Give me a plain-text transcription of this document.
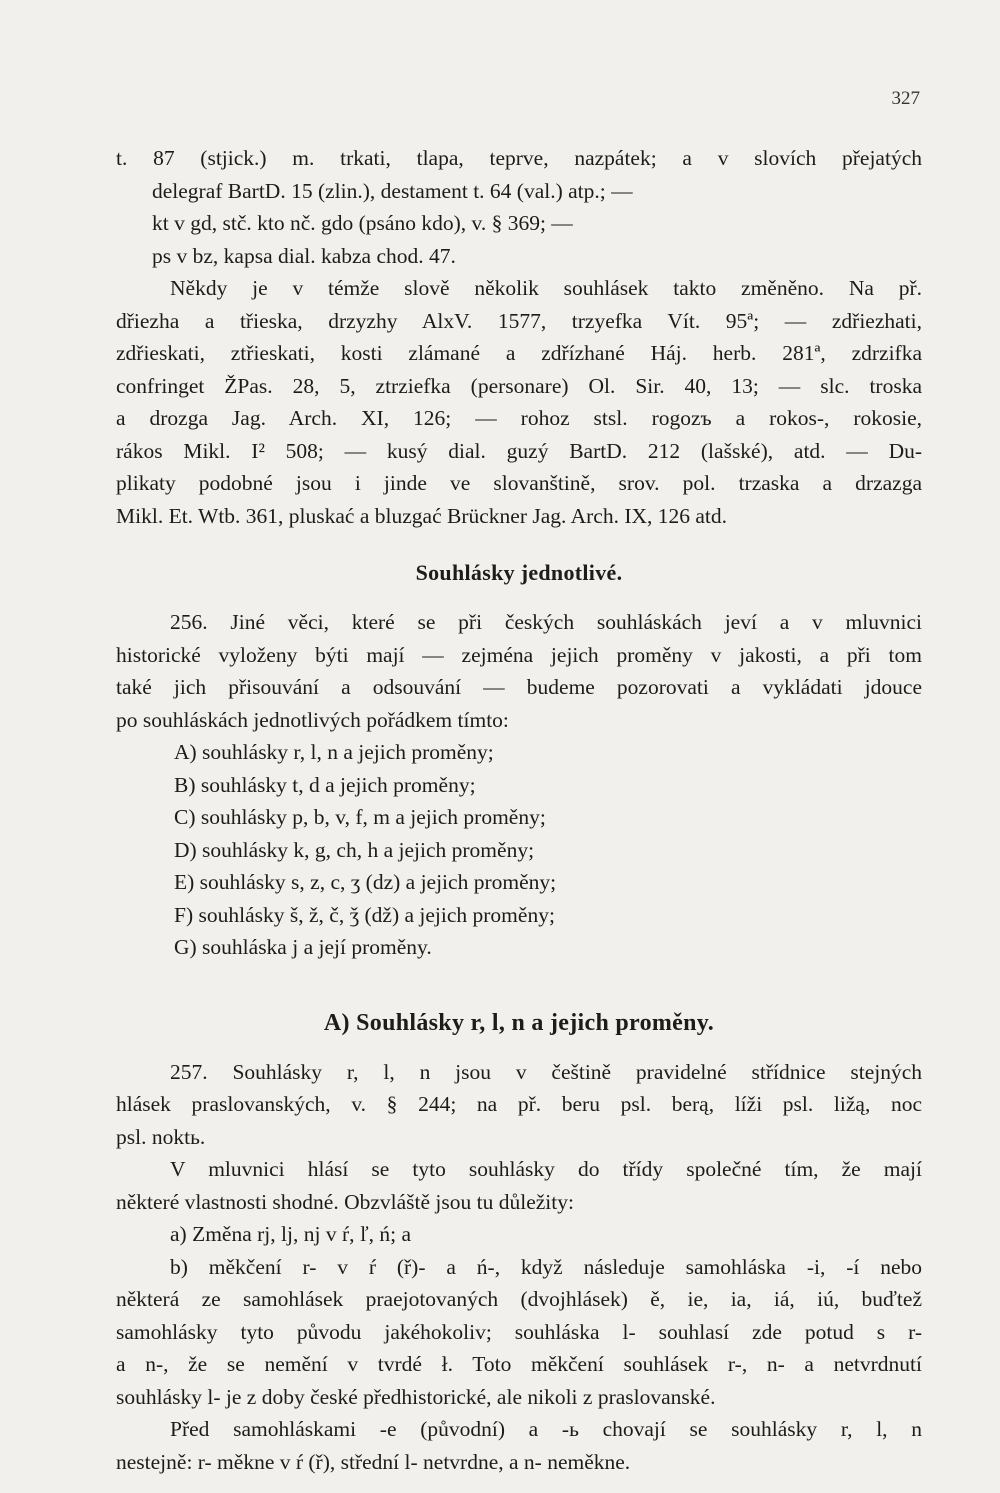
327
t. 87 (stjick.) m. trkati, tlapa, teprve, nazpátek; a v slovích přejatých
delegraf BartD. 15 (zlin.), destament t. 64 (val.) atp.; —
kt v gd, stč. kto nč. gdo (psáno kdo), v. § 369; —
ps v bz, kapsa dial. kabza chod. 47.
Někdy je v témže slově několik souhlásek takto změněno. Na př.
dřiezha a třieska, drzyzhy AlxV. 1577, trzyefka Vít. 95ª; — zdřiezhati,
zdřieskati, ztřieskati, kosti zlámané a zdřízhané Háj. herb. 281ª, zdrzifka
confringet ŽPas. 28, 5, ztrziefka (personare) Ol. Sir. 40, 13; — slc. troska
a drozga Jag. Arch. XI, 126; — rohoz stsl. rogozъ a rokos-, rokosie,
rákos Mikl. I² 508; — kusý dial. guzý BartD. 212 (lašské), atd. — Du-
plikaty podobné jsou i jinde ve slovanštině, srov. pol. trzaska a drzazga
Mikl. Et. Wtb. 361, pluskać a bluzgać Brückner Jag. Arch. IX, 126 atd.
Souhlásky jednotlivé.
256. Jiné věci, které se při českých souhláskách jeví a v mluvnici
historické vyloženy býti mají — zejména jejich proměny v jakosti, a při tom
také jich přisouvání a odsouvání — budeme pozorovati a vykládati jdouce
po souhláskách jednotlivých pořádkem tímto:
A) souhlásky r, l, n a jejich proměny;
B) souhlásky t, d a jejich proměny;
C) souhlásky p, b, v, f, m a jejich proměny;
D) souhlásky k, g, ch, h a jejich proměny;
E) souhlásky s, z, c, ʒ (dz) a jejich proměny;
F) souhlásky š, ž, č, ǯ (dž) a jejich proměny;
G) souhláska j a její proměny.
A) Souhlásky r, l, n a jejich proměny.
257. Souhlásky r, l, n jsou v češtině pravidelné střídnice stejných
hlásek praslovanských, v. § 244; na př. beru psl. berą, líži psl. ližą, noc
psl. noktь.
V mluvnici hlásí se tyto souhlásky do třídy společné tím, že mají
některé vlastnosti shodné. Obzvláště jsou tu důležity:
a) Změna rj, lj, nj v ŕ, ľ, ń; a
b) měkčení r- v ŕ (ř)- a ń-, když následuje samohláska -i, -í nebo
některá ze samohlásek praejotovaných (dvojhlásek) ě, ie, ia, iá, iú, buďtež
samohlásky tyto původu jakéhokoliv; souhláska l- souhlasí zde potud s r-
a n-, že se nemění v tvrdé ł. Toto měkčení souhlásek r-, n- a netvrdnutí
souhlásky l- je z doby české předhistorické, ale nikoli z praslovanské.
Před samohláskami -e (původní) a -ь chovají se souhlásky r, l, n
nestejně: r- měkne v ŕ (ř), střední l- netvrdne, a n- neměkne.
